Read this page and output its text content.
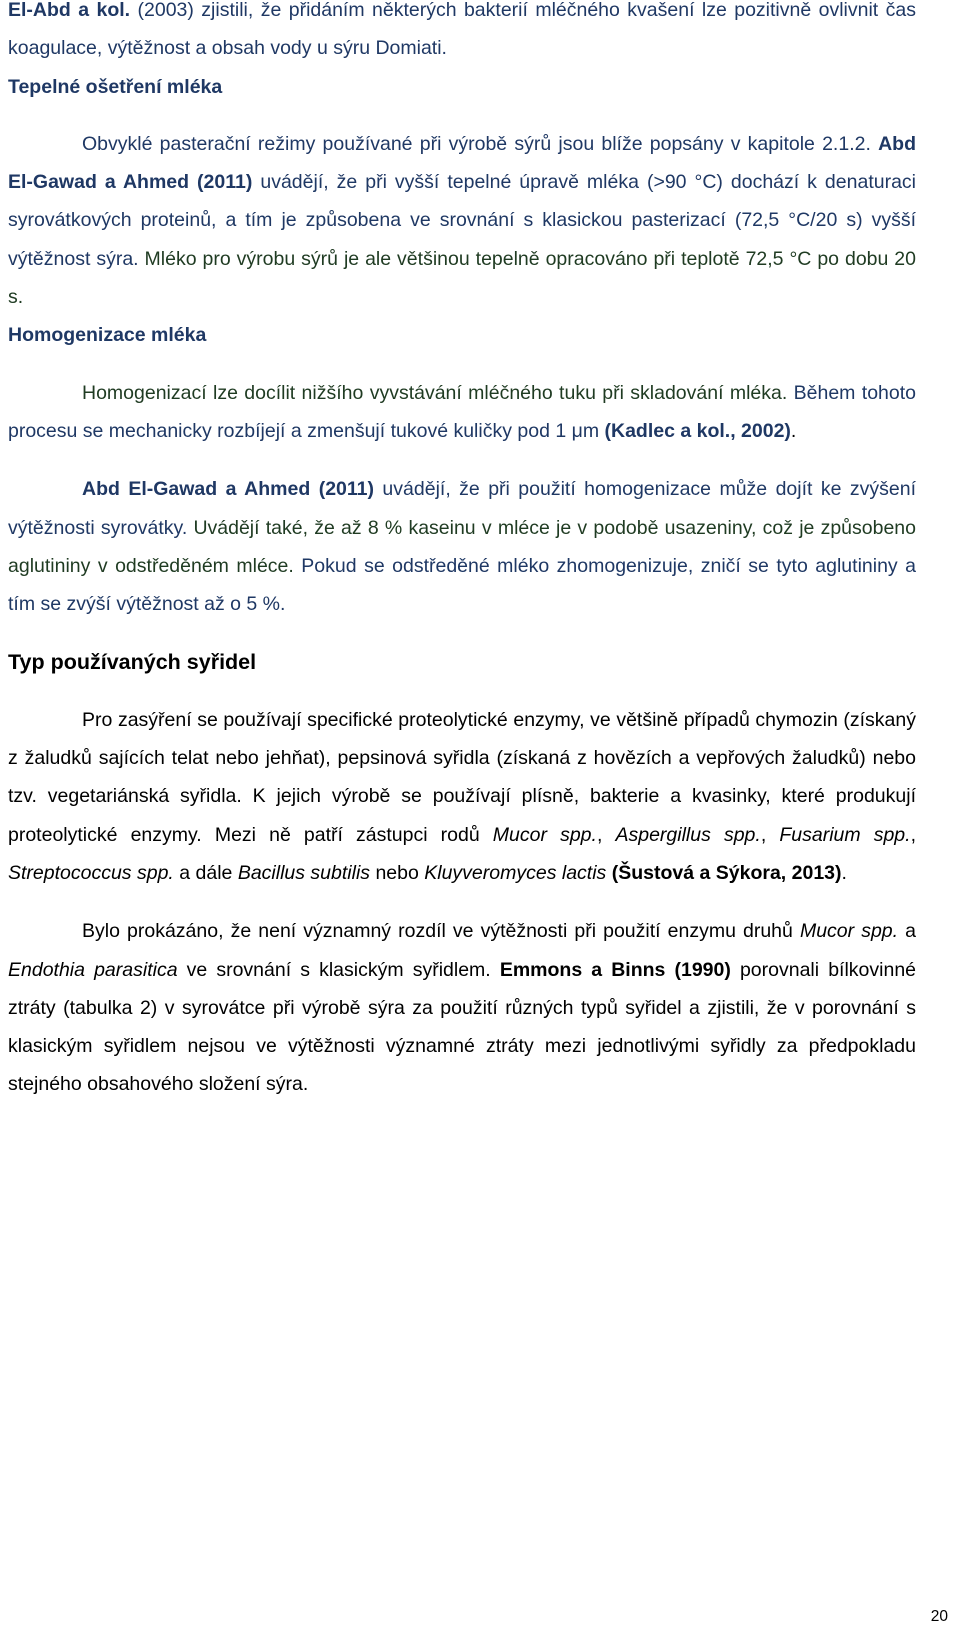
El-Abd a kol. (2003) zjistili, že přidáním některých bakterií mléčného kvašení lze pozitivně ovlivnit čas koagulace, výtěžnost a obsah vody u sýru Domiati.

Tepelné ošetření mléka

Obvyklé pasterační režimy používané při výrobě sýrů jsou blíže popsány v kapitole 2.1.2. Abd El-Gawad a Ahmed (2011) uvádějí, že při vyšší tepelné úpravě mléka (>90 °C) dochází k denaturaci syrovátkových proteinů, a tím je způsobena ve srovnání s klasickou pasterizací (72,5 °C/20 s) vyšší výtěžnost sýra. Mléko pro výrobu sýrů je ale většinou tepelně opracováno při teplotě 72,5 °C po dobu 20 s.

Homogenizace mléka

Homogenizací lze docílit nižšího vyvstávání mléčného tuku při skladování mléka. Během tohoto procesu se mechanicky rozbíjejí a zmenšují tukové kuličky pod 1 μm (Kadlec a kol., 2002).

Abd El-Gawad a Ahmed (2011) uvádějí, že při použití homogenizace může dojít ke zvýšení výtěžnosti syrovátky. Uvádějí také, že až 8 % kaseinu v mléce je v podobě usazeniny, což je způsobeno aglutininy v odstředěném mléce. Pokud se odstředěné mléko zhomogenizuje, zničí se tyto aglutininy a tím se zvýší výtěžnost až o 5 %.

Typ používaných syřidel

Pro zasýření se používají specifické proteolytické enzymy, ve většině případů chymozin (získaný z žaludků sajících telat nebo jehňat), pepsinová syřidla (získaná z hovězích a vepřových žaludků) nebo tzv. vegetariánská syřidla. K jejich výrobě se používají plísně, bakterie a kvasinky, které produkují proteolytické enzymy. Mezi ně patří zástupci rodů Mucor spp., Aspergillus spp., Fusarium spp., Streptococcus spp. a dále Bacillus subtilis nebo Kluyveromyces lactis (Šustová a Sýkora, 2013).

Bylo prokázáno, že není významný rozdíl ve výtěžnosti při použití enzymu druhů Mucor spp. a Endothia parasitica ve srovnání s klasickým syřidlem. Emmons a Binns (1990) porovnali bílkovinné ztráty (tabulka 2) v syrovátce při výrobě sýra za použití různých typů syřidel a zjistili, že v porovnání s klasickým syřidlem nejsou ve výtěžnosti významné ztráty mezi jednotlivými syřidly za předpokladu stejného obsahového složení sýra.

20
